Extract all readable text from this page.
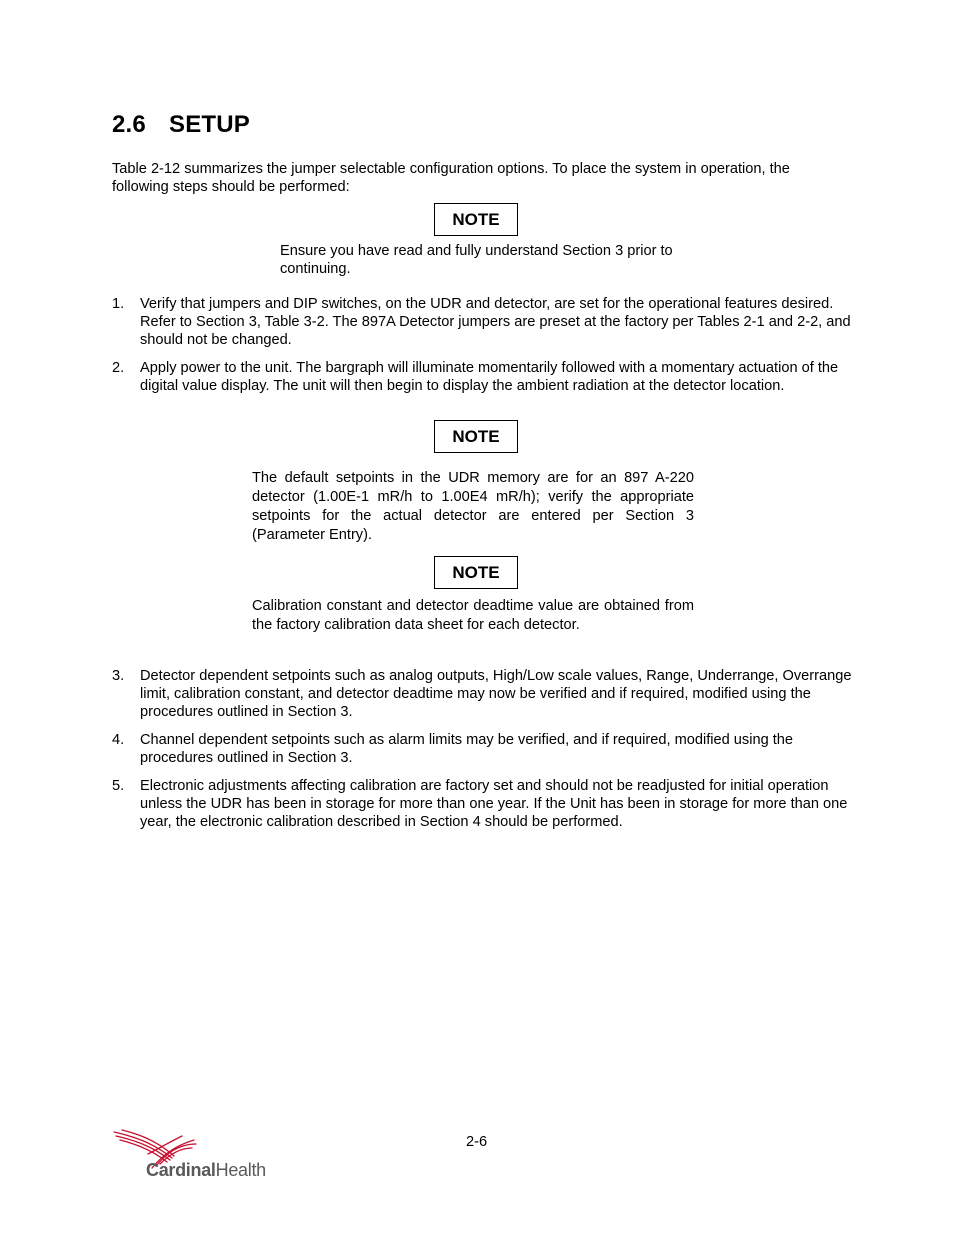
2.6 SETUP
Table 2-12 summarizes the jumper selectable configuration options. To place the system in operation, the following steps should be performed:
NOTE
Ensure you have read and fully understand Section 3 prior to continuing.
1. Verify that jumpers and DIP switches, on the UDR and detector, are set for the operational features desired. Refer to Section 3, Table 3-2. The 897A Detector jumpers are preset at the factory per Tables 2-1 and 2-2, and should not be changed.
2. Apply power to the unit. The bargraph will illuminate momentarily followed with a momentary actuation of the digital value display. The unit will then begin to display the ambient radiation at the detector location.
NOTE
The default setpoints in the UDR memory are for an 897 A-220 detector (1.00E-1 mR/h to 1.00E4 mR/h); verify the appropriate setpoints for the actual detector are entered per Section 3 (Parameter Entry).
NOTE
Calibration constant and detector deadtime value are obtained from the factory calibration data sheet for each detector.
3. Detector dependent setpoints such as analog outputs, High/Low scale values, Range, Underrange, Overrange limit, calibration constant, and detector deadtime may now be verified and if required, modified using the procedures outlined in Section 3.
4. Channel dependent setpoints such as alarm limits may be verified, and if required, modified using the procedures outlined in Section 3.
5. Electronic adjustments affecting calibration are factory set and should not be readjusted for initial operation unless the UDR has been in storage for more than one year. If the Unit has been in storage for more than one year, the electronic calibration described in Section 4 should be performed.
2-6
CardinalHealth
